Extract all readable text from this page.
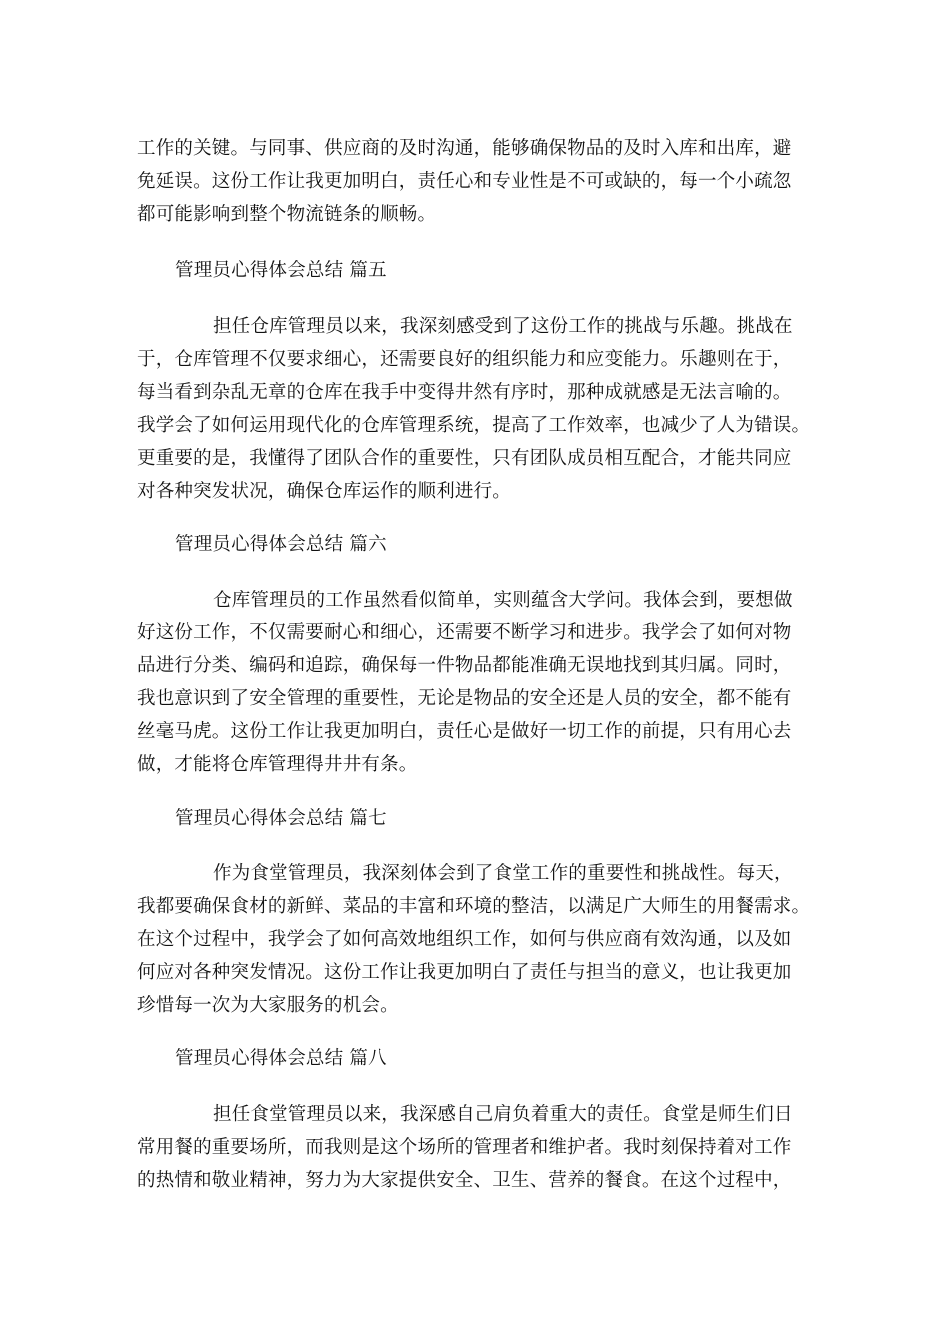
工作的关键。与同事、供应商的及时沟通，能够确保物品的及时入库和出库，避
免延误。这份工作让我更加明白，责任心和专业性是不可或缺的，每一个小疏忽
都可能影响到整个物流链条的顺畅。
管理员心得体会总结 篇五
担任仓库管理员以来，我深刻感受到了这份工作的挑战与乐趣。挑战在
于，仓库管理不仅要求细心，还需要良好的组织能力和应变能力。乐趣则在于，
每当看到杂乱无章的仓库在我手中变得井然有序时，那种成就感是无法言喻的。
我学会了如何运用现代化的仓库管理系统，提高了工作效率，也减少了人为错误。
更重要的是，我懂得了团队合作的重要性，只有团队成员相互配合，才能共同应
对各种突发状况，确保仓库运作的顺利进行。
管理员心得体会总结 篇六
仓库管理员的工作虽然看似简单，实则蕴含大学问。我体会到，要想做
好这份工作，不仅需要耐心和细心，还需要不断学习和进步。我学会了如何对物
品进行分类、编码和追踪，确保每一件物品都能准确无误地找到其归属。同时，
我也意识到了安全管理的重要性，无论是物品的安全还是人员的安全，都不能有
丝毫马虎。这份工作让我更加明白，责任心是做好一切工作的前提，只有用心去
做，才能将仓库管理得井井有条。
管理员心得体会总结 篇七
作为食堂管理员，我深刻体会到了食堂工作的重要性和挑战性。每天，
我都要确保食材的新鲜、菜品的丰富和环境的整洁，以满足广大师生的用餐需求。
在这个过程中，我学会了如何高效地组织工作，如何与供应商有效沟通，以及如
何应对各种突发情况。这份工作让我更加明白了责任与担当的意义，也让我更加
珍惜每一次为大家服务的机会。
管理员心得体会总结 篇八
担任食堂管理员以来，我深感自己肩负着重大的责任。食堂是师生们日
常用餐的重要场所，而我则是这个场所的管理者和维护者。我时刻保持着对工作
的热情和敬业精神，努力为大家提供安全、卫生、营养的餐食。在这个过程中，
